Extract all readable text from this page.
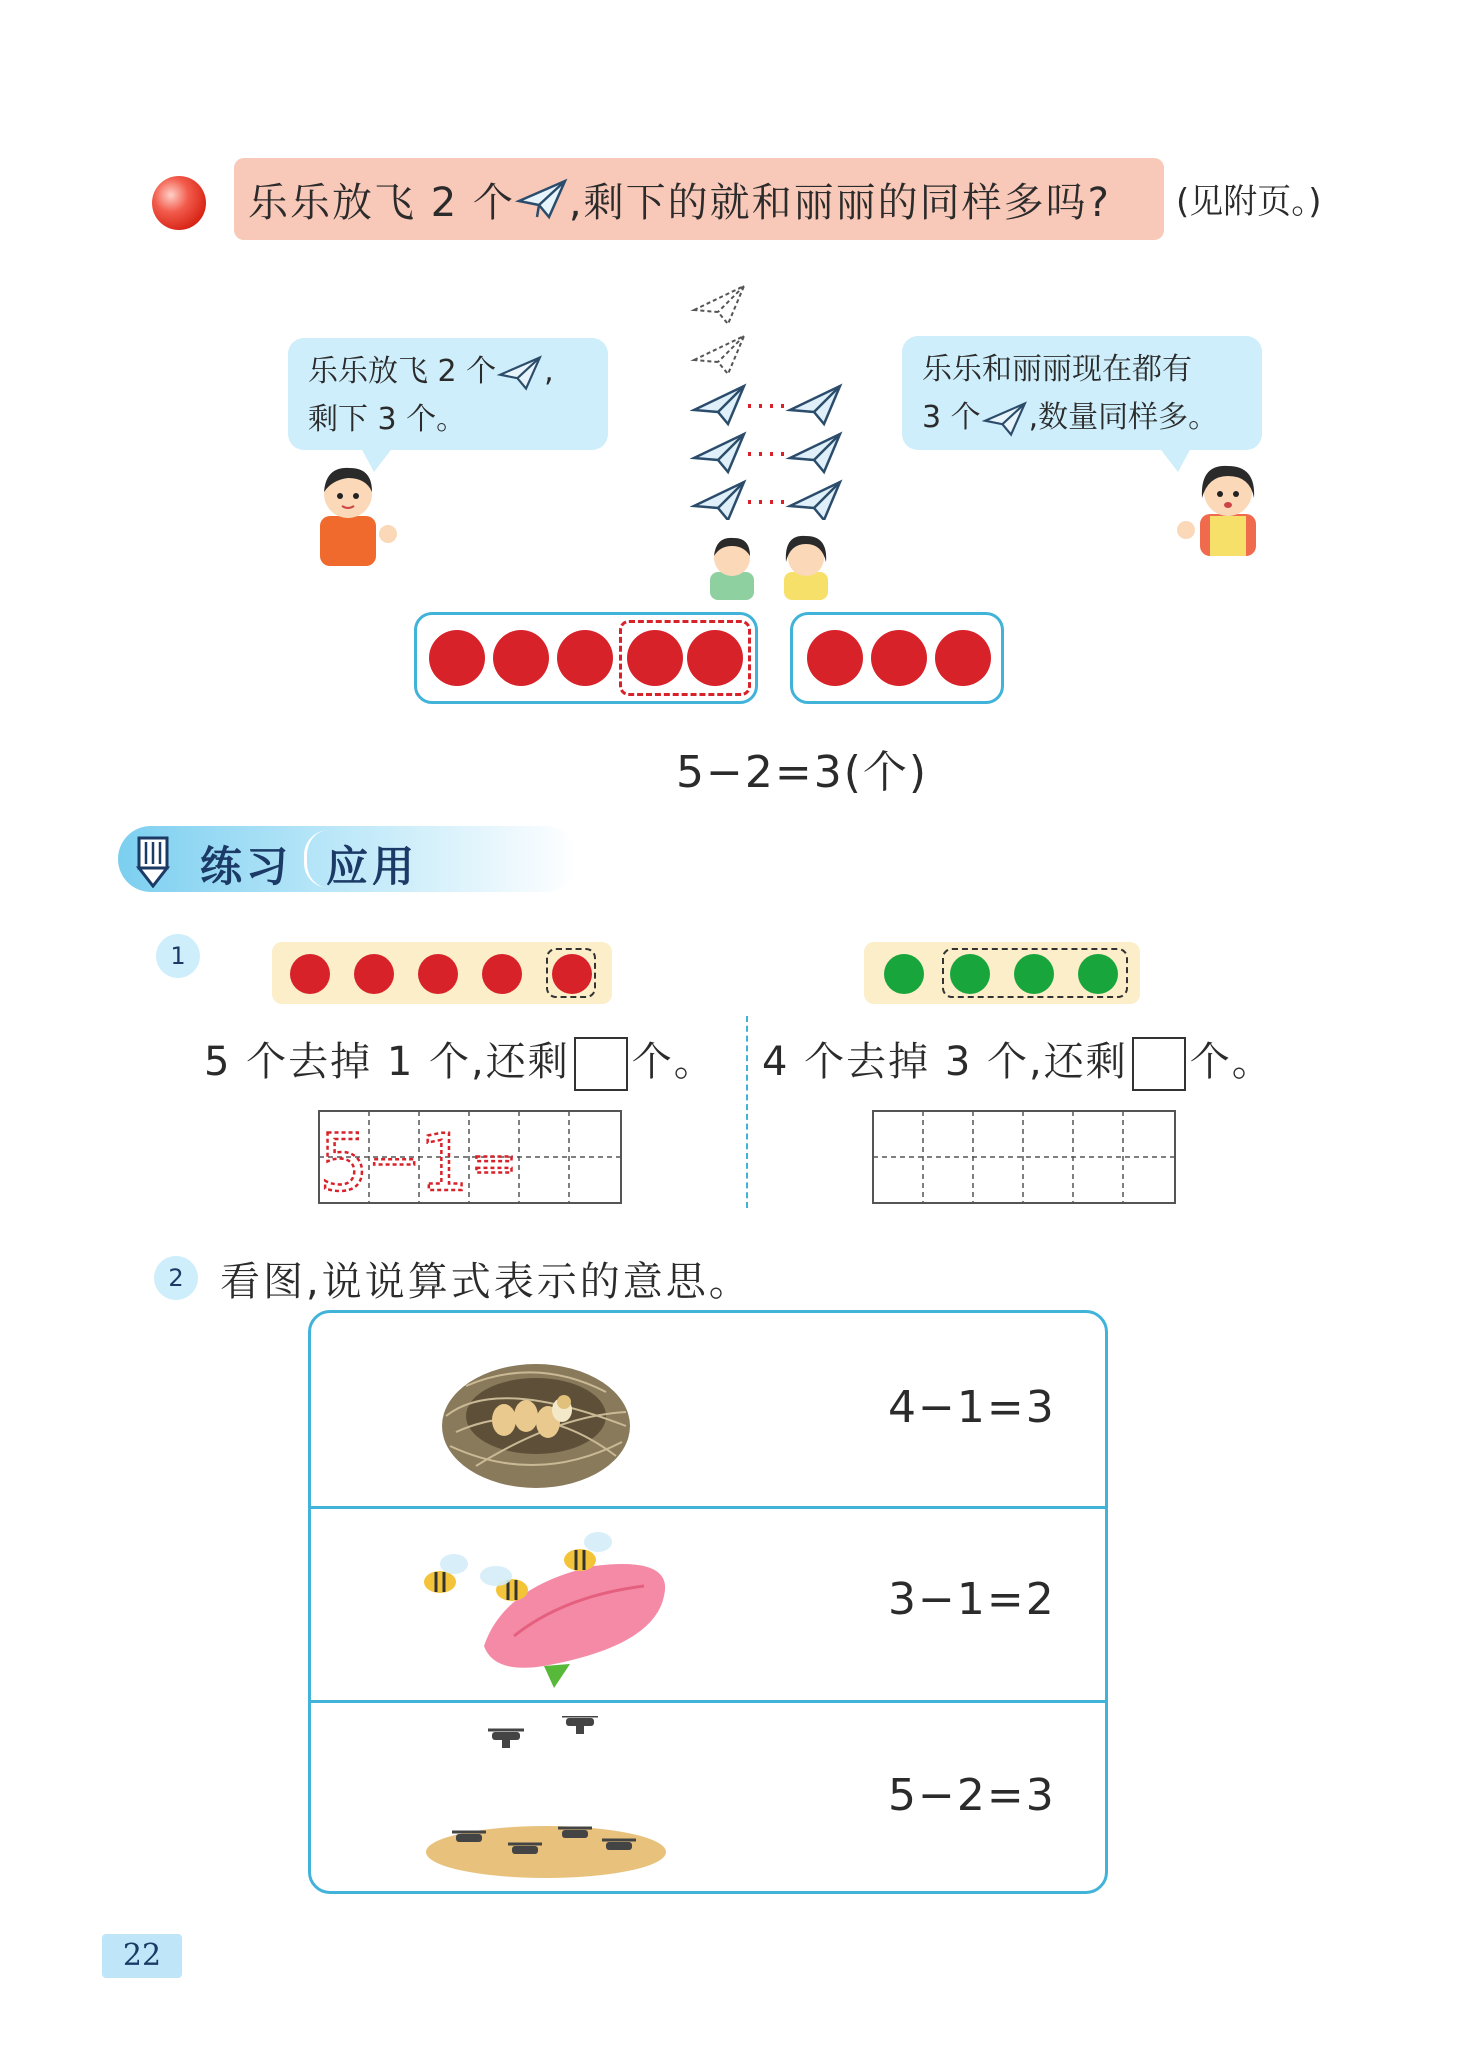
乐乐放飞 2 个 ,剩下的就和丽丽的同样多吗? (见附页。)
乐乐放飞 2 个 ,
剩下 3 个。
乐乐和丽丽现在都有
3 个 ,数量同样多。
5−2=3(个)
练习 应用
1
5 个去掉 1 个,还剩 个。 4 个去掉 3 个,还剩 个。
5
−
1 =
2 看图,说说算式表示的意思。
4−1=3
3−1=2
5−2=3
22
